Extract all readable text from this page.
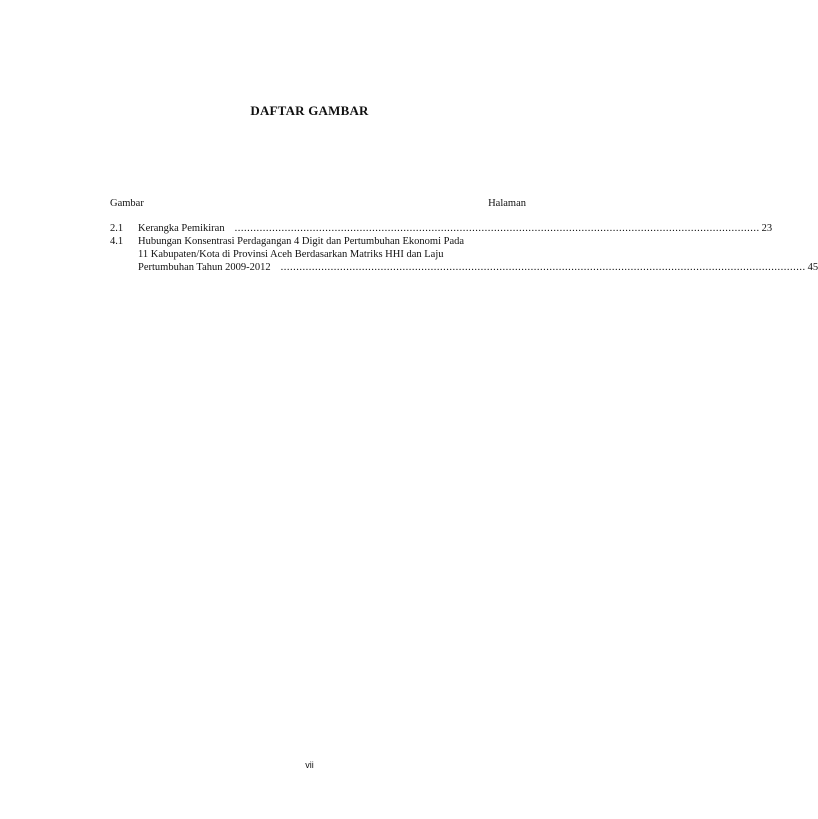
DAFTAR GAMBAR
Gambar	Halaman
2.1	Kerangka Pemikiran ........................................................................................................................................................................ 23
4.1	Hubungan Konsentrasi Perdagangan 4 Digit dan Pertumbuhan Ekonomi Pada
11 Kabupaten/Kota di Provinsi Aceh Berdasarkan Matriks HHI dan Laju
Pertumbuhan Tahun 2009-2012 ........................................................................................................................................................................ 45

vii
